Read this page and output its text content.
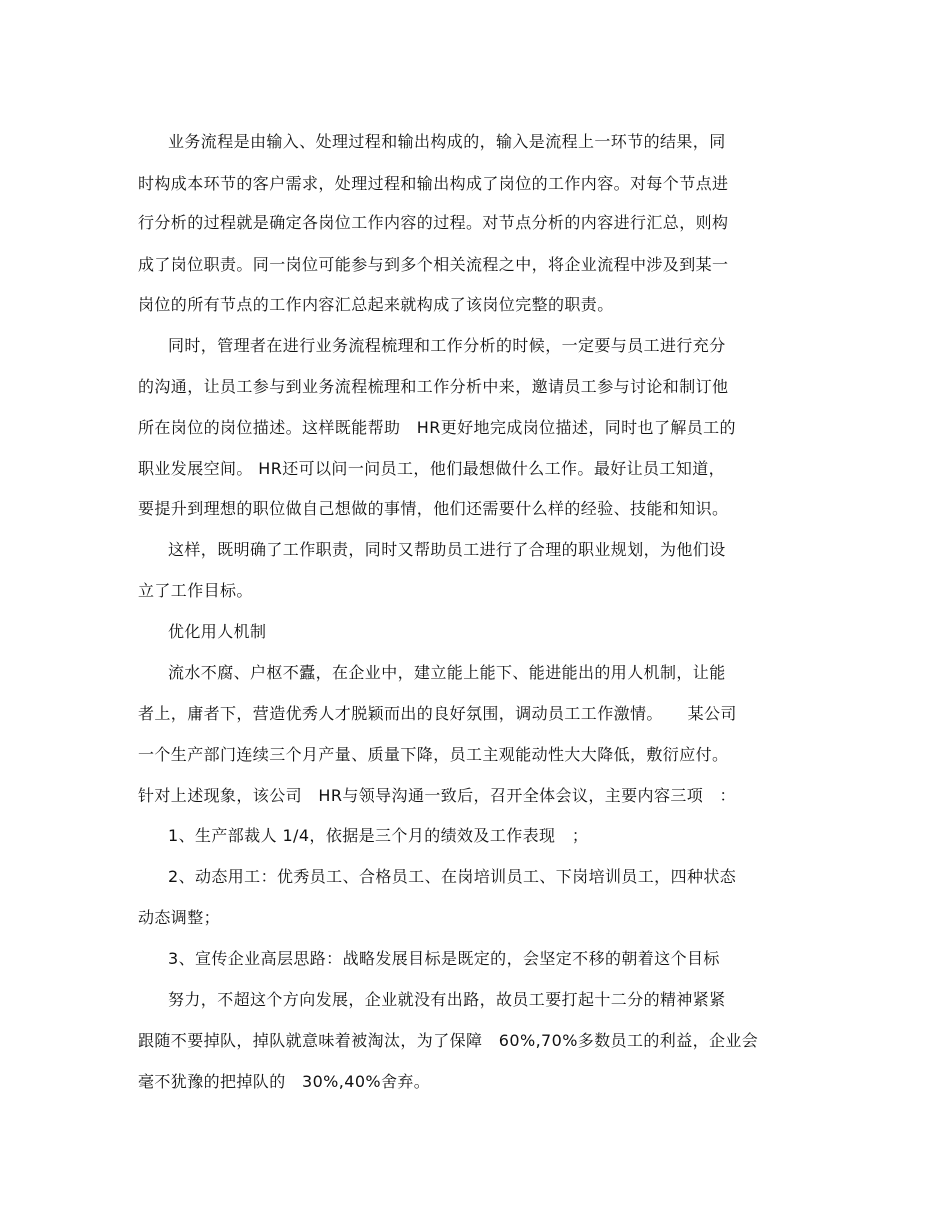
业务流程是由输入、处理过程和输出构成的，输入是流程上一环节的结果，同
时构成本环节的客户需求，处理过程和输出构成了岗位的工作内容。对每个节点进
行分析的过程就是确定各岗位工作内容的过程。对节点分析的内容进行汇总，则构
成了岗位职责。同一岗位可能参与到多个相关流程之中，将企业流程中涉及到某一
岗位的所有节点的工作内容汇总起来就构成了该岗位完整的职责。
同时，管理者在进行业务流程梳理和工作分析的时候，一定要与员工进行充分
的沟通，让员工参与到业务流程梳理和工作分析中来，邀请员工参与讨论和制订他
所在岗位的岗位描述。这样既能帮助　HR更好地完成岗位描述，同时也了解员工的
职业发展空间。 HR还可以问一问员工，他们最想做什么工作。最好让员工知道，
要提升到理想的职位做自己想做的事情，他们还需要什么样的经验、技能和知识。
这样，既明确了工作职责，同时又帮助员工进行了合理的职业规划，为他们设
立了工作目标。
优化用人机制
流水不腐、户枢不蠹，在企业中，建立能上能下、能进能出的用人机制，让能
者上，庸者下，营造优秀人才脱颖而出的良好氛围，调动员工工作激情。　　某公司
一个生产部门连续三个月产量、质量下降，员工主观能动性大大降低，敷衍应付。
针对上述现象，该公司　HR与领导沟通一致后，召开全体会议，主要内容三项　：
1、生产部裁人 1/4，依据是三个月的绩效及工作表现　；
2、动态用工：优秀员工、合格员工、在岗培训员工、下岗培训员工，四种状态
动态调整；
3、宣传企业高层思路：战略发展目标是既定的，会坚定不移的朝着这个目标
努力，不超这个方向发展，企业就没有出路，故员工要打起十二分的精神紧紧
跟随不要掉队，掉队就意味着被淘汰，为了保障　60%,70%多数员工的利益，企业会
毫不犹豫的把掉队的　30%,40%舍弃。
